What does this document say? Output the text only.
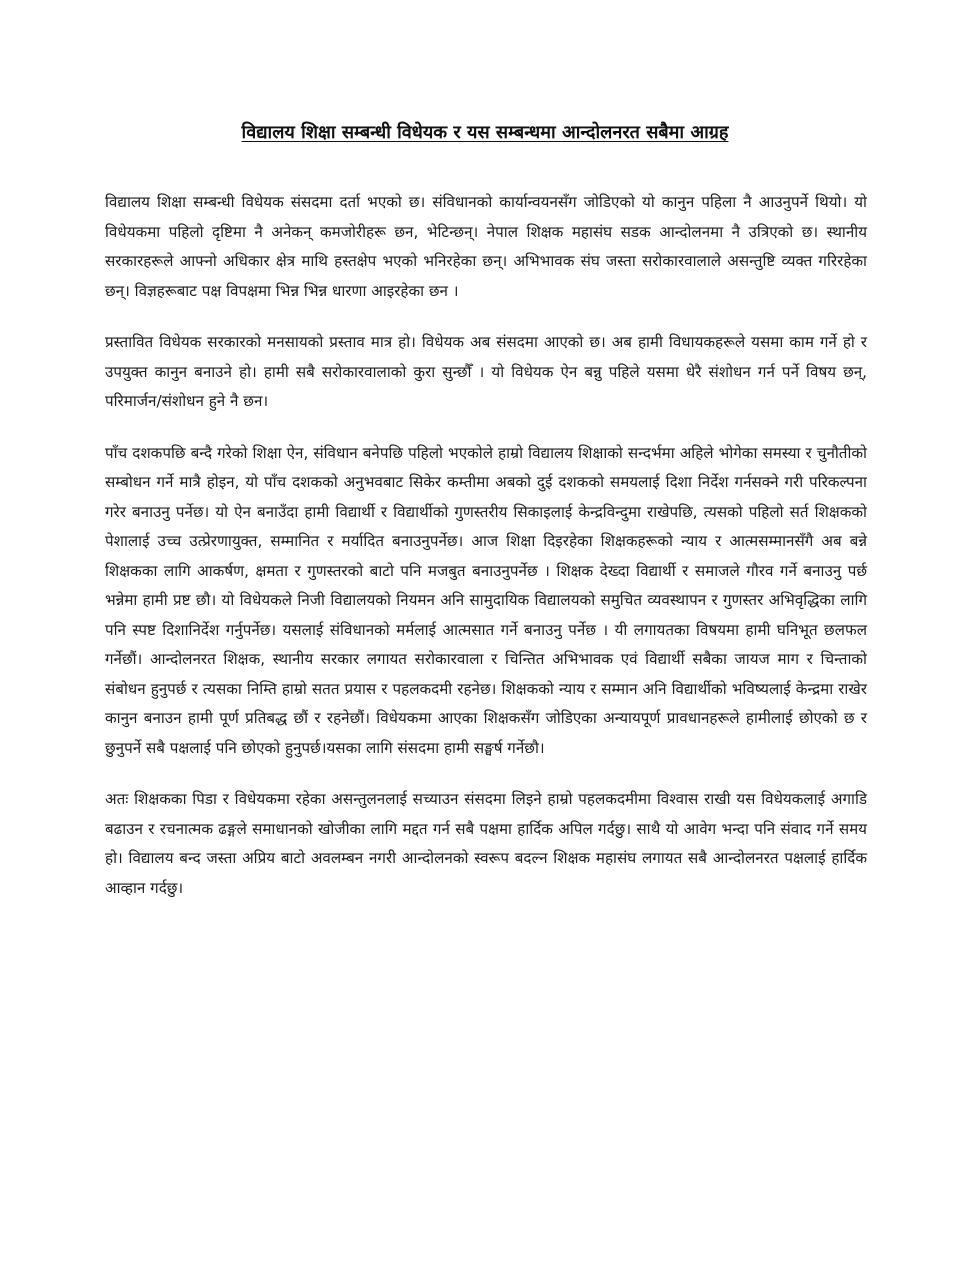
विद्यालय शिक्षा सम्बन्धी विधेयक र यस सम्बन्धमा आन्दोलनरत सबैमा आग्रह

विद्यालय शिक्षा सम्बन्धी विधेयक संसदमा दर्ता भएको छ। संविधानको कार्यान्वयनसँग जोडिएको यो कानुन पहिला नै आउनुपर्ने थियो। यो विधेयकमा पहिलो दृष्टिमा नै अनेकन् कमजोरीहरू छन, भेटिन्छन्। नेपाल शिक्षक महासंघ सडक आन्दोलनमा नै उत्रिएको छ। स्थानीय सरकारहरूले आफ्नो अधिकार क्षेत्र माथि हस्तक्षेप भएको भनिरहेका छन्। अभिभावक संघ जस्ता सरोकारवालाले असन्तुष्टि व्यक्त गरिरहेका छन्। विज्ञहरूबाट पक्ष विपक्षमा भिन्न भिन्न धारणा आइरहेका छन ।

प्रस्तावित विधेयक सरकारको मनसायको प्रस्ताव मात्र हो। विधेयक अब संसदमा आएको छ। अब हामी विधायकहरूले यसमा काम गर्ने हो र उपयुक्त कानुन बनाउने हो। हामी सबै सरोकारवालाको कुरा सुन्छौँ । यो विधेयक ऐन बन्नु पहिले यसमा धेरै संशोधन गर्न पर्ने विषय छन्, परिमार्जन/संशोधन हुने नै छन।

पाँच दशकपछि बन्दै गरेको शिक्षा ऐन, संविधान बनेपछि पहिलो भएकोले हाम्रो विद्यालय शिक्षाको सन्दर्भमा अहिले भोगेका समस्या र चुनौतीको सम्बोधन गर्ने मात्रै होइन, यो पाँच दशकको अनुभवबाट सिकेर कम्तीमा अबको दुई दशकको समयलाई दिशा निर्देश गर्नसक्ने गरी परिकल्पना गरेर बनाउनु पर्नेछ। यो ऐन बनाउँदा हामी विद्यार्थी र विद्यार्थीको गुणस्तरीय सिकाइलाई केन्द्रविन्दुमा राखेपछि, त्यसको पहिलो सर्त शिक्षकको पेशालाई उच्च उत्प्रेरणायुक्त, सम्मानित र मर्यादित बनाउनुपर्नेछ। आज शिक्षा दिइरहेका शिक्षकहरूको न्याय र आत्मसम्मानसँगै अब बन्ने शिक्षकका लागि आकर्षण, क्षमता र गुणस्तरको बाटो पनि मजबुत बनाउनुपर्नेछ । शिक्षक देख्दा विद्यार्थी र समाजले गौरव गर्ने बनाउनु पर्छ भन्नेमा हामी प्रष्ट छौ। यो विधेयकले निजी विद्यालयको नियमन अनि सामुदायिक विद्यालयको समुचित व्यवस्थापन र गुणस्तर अभिवृद्धिका लागि पनि स्पष्ट दिशानिर्देश गर्नुपर्नेछ। यसलाई संविधानको मर्मलाई आत्मसात गर्ने बनाउनु पर्नेछ । यी लगायतका विषयमा हामी घनिभूत छलफल गर्नेछौं। आन्दोलनरत शिक्षक, स्थानीय सरकार लगायत सरोकारवाला र चिन्तित अभिभावक एवं विद्यार्थी सबैका जायज माग र चिन्ताको संबोधन हुनुपर्छ र त्यसका निम्ति हाम्रो सतत प्रयास र पहलकदमी रहनेछ। शिक्षकको न्याय र सम्मान अनि विद्यार्थीको भविष्यलाई केन्द्रमा राखेर कानुन बनाउन हामी पूर्ण प्रतिबद्ध छौं र रहनेछौं। विधेयकमा आएका शिक्षकसँग जोडिएका अन्यायपूर्ण प्रावधानहरूले हामीलाई छोएको छ र छुनुपर्ने सबै पक्षलाई पनि छोएको हुनुपर्छ।यसका लागि संसदमा हामी सङ्घर्ष गर्नेछौ।

अतः शिक्षकका पिडा र विधेयकमा रहेका असन्तुलनलाई सच्याउन संसदमा लिइने हाम्रो पहलकदमीमा विश्वास राखी यस विधेयकलाई अगाडि बढाउन र रचनात्मक ढङ्गले समाधानको खोजीका लागि मद्दत गर्न सबै पक्षमा हार्दिक अपिल गर्दछु। साथै यो आवेग भन्दा पनि संवाद गर्ने समय हो। विद्यालय बन्द जस्ता अप्रिय बाटो अवलम्बन नगरी आन्दोलनको स्वरूप बदल्न शिक्षक महासंघ लगायत सबै आन्दोलनरत पक्षलाई हार्दिक आव्हान गर्दछु।
